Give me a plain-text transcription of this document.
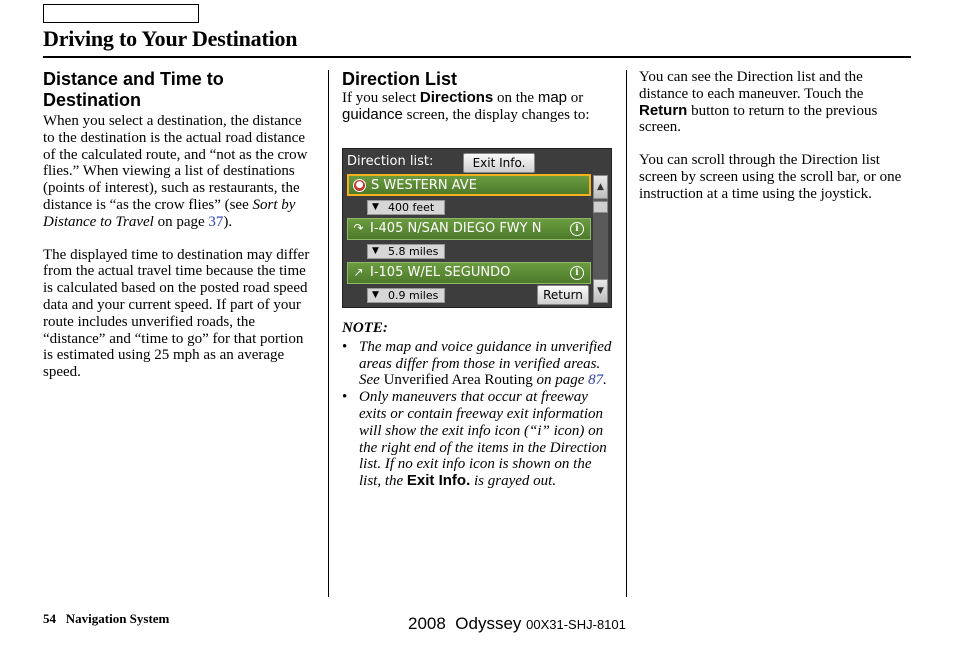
Driving to Your Destination
Distance and Time to Destination

When you select a destination, the distance to the destination is the actual road distance of the calculated route, and “not as the crow flies.” When viewing a list of destinations (points of interest), such as restaurants, the distance is “as the crow flies” (see Sort by Distance to Travel on page 37).

The displayed time to destination may differ from the actual travel time because the time is calculated based on the posted road speed data and your current speed. If part of your route includes unverified roads, the “distance” and “time to go” for that portion is estimated using 25 mph as an average speed.

Direction List

If you select Directions on the map or guidance screen, the display changes to:

Direction list:	Exit Info.
● S WESTERN AVE
▼ 400 feet
↷ I-405 N/SAN DIEGO FWY N	i
▼ 5.8 miles
↗ I-105 W/EL SEGUNDO	i
▼ 0.9 miles	Return
▲
▼

NOTE:

• The map and voice guidance in unverified areas differ from those in verified areas. See Unverified Area Routing on page 87.
• Only maneuvers that occur at freeway exits or contain freeway exit information will show the exit info icon (“i” icon) on the right end of the items in the Direction list. If no exit info icon is shown on the list, the Exit Info. is grayed out.

You can see the Direction list and the distance to each maneuver. Touch the Return button to return to the previous screen.

You can scroll through the Direction list screen by screen using the scroll bar, or one instruction at a time using the joystick.

54 Navigation System	2008  Odyssey 00X31-SHJ-8101
